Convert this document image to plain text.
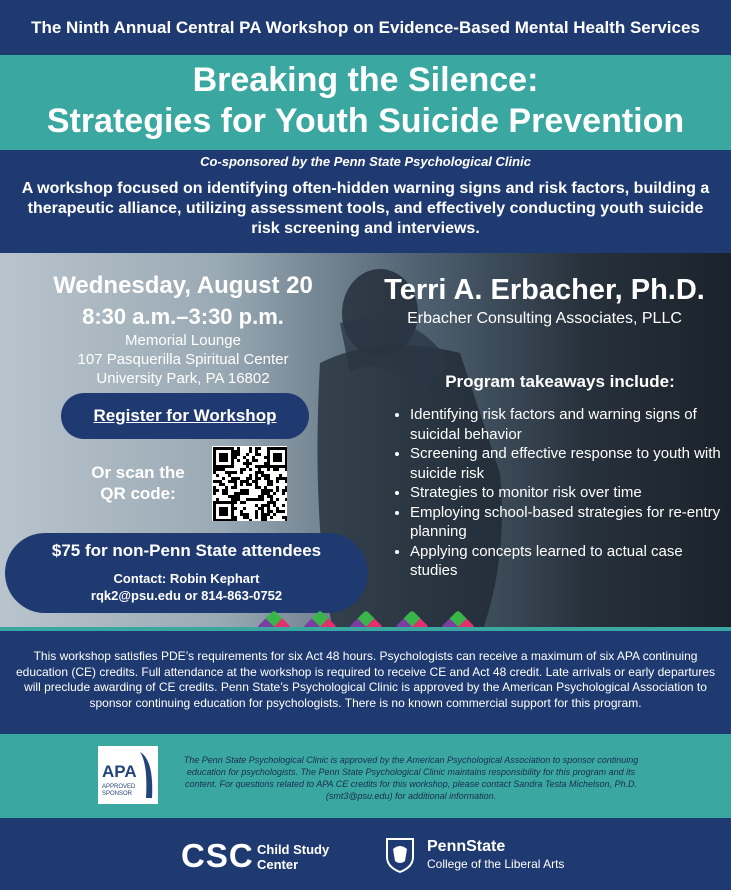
The Ninth Annual Central PA Workshop on Evidence-Based Mental Health Services
Breaking the Silence:
Strategies for Youth Suicide Prevention
Co-sponsored by the Penn State Psychological Clinic
A workshop focused on identifying often-hidden warning signs and risk factors, building a therapeutic alliance, utilizing assessment tools, and effectively conducting youth suicide risk screening and interviews.
Wednesday, August 20
8:30 a.m.–3:30 p.m.
Memorial Lounge
107 Pasquerilla Spiritual Center
University Park, PA 16802
Terri A. Erbacher, Ph.D.
Erbacher Consulting Associates, PLLC
Program takeaways include:
• Identifying risk factors and warning signs of suicidal behavior
• Screening and effective response to youth with suicide risk
• Strategies to monitor risk over time
• Employing school-based strategies for re-entry planning
• Applying concepts learned to actual case studies
Register for Workshop
Or scan the QR code:
$75 for non-Penn State attendees
Contact: Robin Kephart
rqk2@psu.edu or 814-863-0752
This workshop satisfies PDE’s requirements for six Act 48 hours. Psychologists can receive a maximum of six APA continuing education (CE) credits. Full attendance at the workshop is required to receive CE and Act 48 credit. Late arrivals or early departures will preclude awarding of CE credits. Penn State’s Psychological Clinic is approved by the American Psychological Association to sponsor continuing education for psychologists. There is no known commercial support for this program.
APA
APPROVED SPONSOR
The Penn State Psychological Clinic is approved by the American Psychological Association to sponsor continuing education for psychologists. The Penn State Psychological Clinic maintains responsibility for this program and its content. For questions related to APA CE credits for this workshop, please contact Sandra Testa Michelson, Ph.D. (smt3@psu.edu) for additional information.
CSC Child Study
Center
PennState
College of the Liberal Arts
